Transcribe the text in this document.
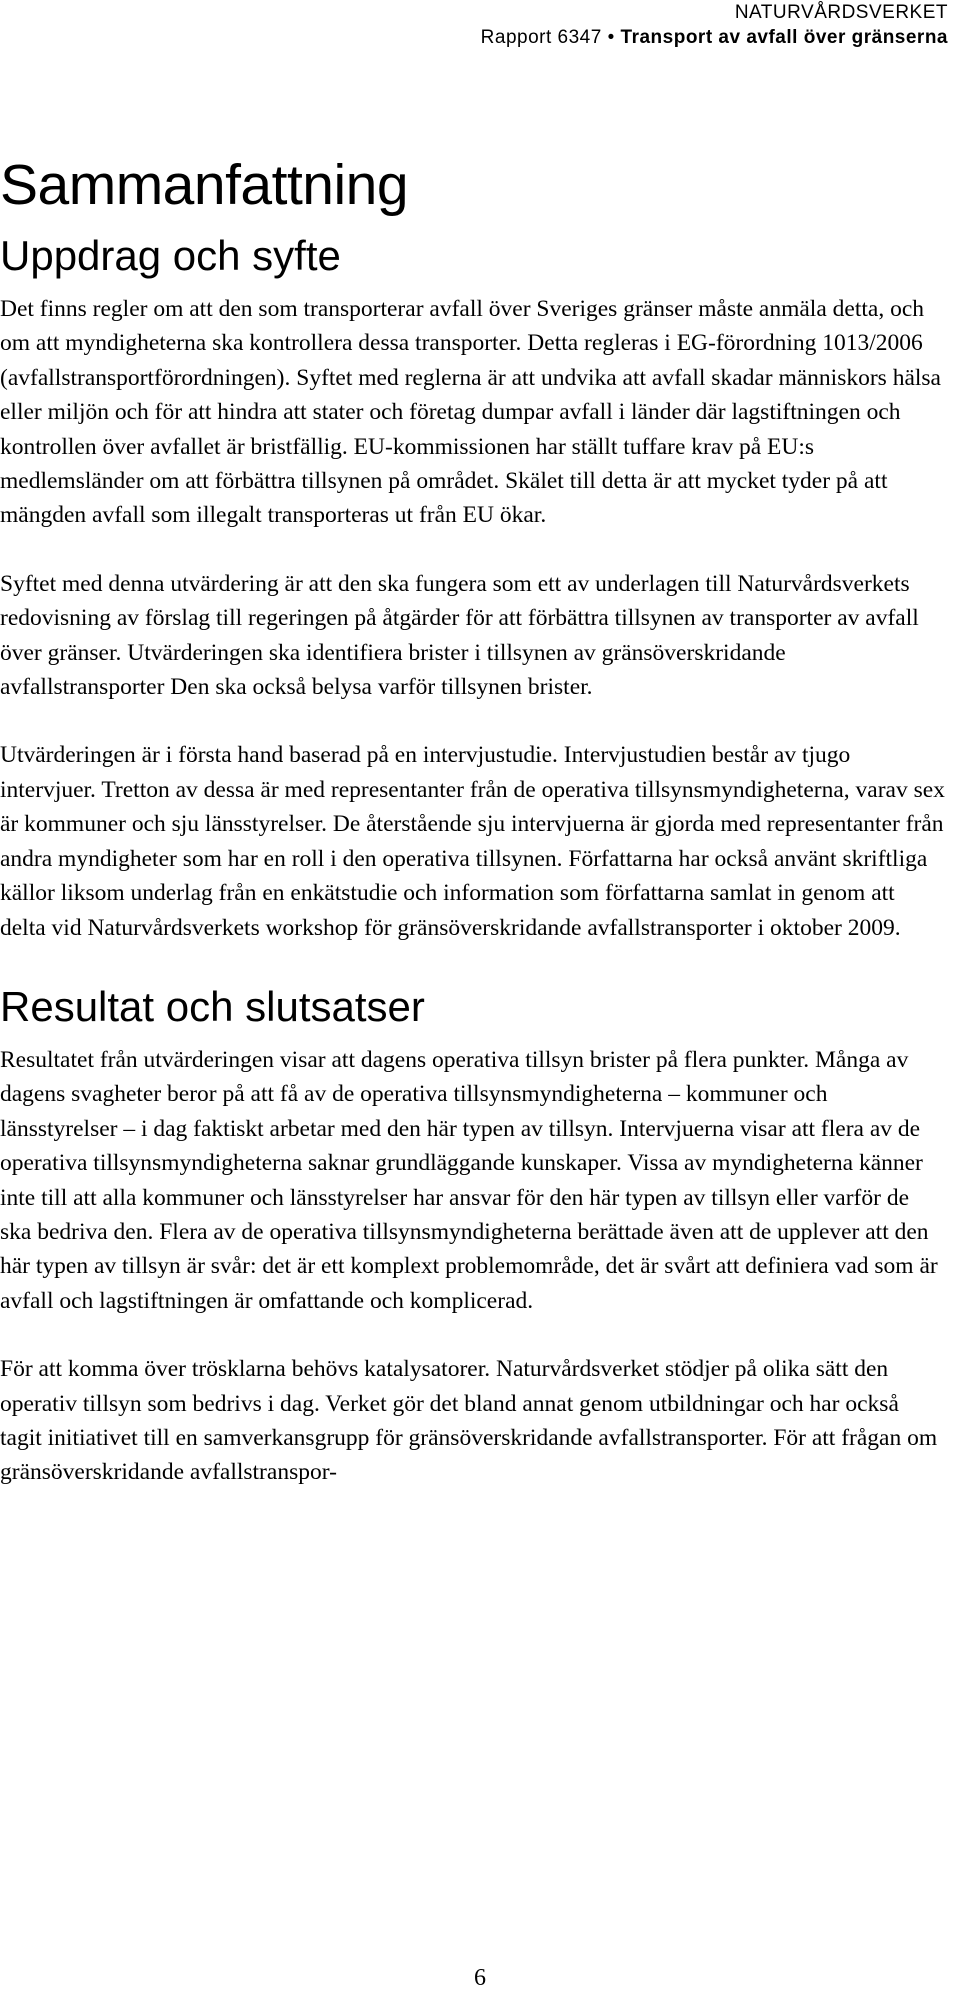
NATURVÅRDSVERKET
Rapport 6347 • Transport av avfall över gränserna
Sammanfattning
Uppdrag och syfte

Det finns regler om att den som transporterar avfall över Sveriges gränser måste anmäla detta, och om att myndigheterna ska kontrollera dessa transporter. Detta regleras i EG-förordning 1013/2006 (avfallstransportförordningen). Syftet med reglerna är att undvika att avfall skadar människors hälsa eller miljön och för att hindra att stater och företag dumpar avfall i länder där lagstiftningen och kontrollen över avfallet är bristfällig. EU-kommissionen har ställt tuffare krav på EU:s medlemsländer om att förbättra tillsynen på området. Skälet till detta är att mycket tyder på att mängden avfall som illegalt transporteras ut från EU ökar.

Syftet med denna utvärdering är att den ska fungera som ett av underlagen till Naturvårdsverkets redovisning av förslag till regeringen på åtgärder för att förbättra tillsynen av transporter av avfall över gränser. Utvärderingen ska identifiera brister i tillsynen av gränsöverskridande avfallstransporter Den ska också belysa varför tillsynen brister.

Utvärderingen är i första hand baserad på en intervjustudie. Intervjustudien består av tjugo intervjuer. Tretton av dessa är med representanter från de operativa tillsynsmyndigheterna, varav sex är kommuner och sju länsstyrelser. De återstående sju intervjuerna är gjorda med representanter från andra myndigheter som har en roll i den operativa tillsynen. Författarna har också använt skriftliga källor liksom underlag från en enkätstudie och information som författarna samlat in genom att delta vid Naturvårdsverkets workshop för gränsöverskridande avfallstransporter i oktober 2009.

Resultat och slutsatser

Resultatet från utvärderingen visar att dagens operativa tillsyn brister på flera punkter. Många av dagens svagheter beror på att få av de operativa tillsynsmyndigheterna – kommuner och länsstyrelser – i dag faktiskt arbetar med den här typen av tillsyn. Intervjuerna visar att flera av de operativa tillsynsmyndigheterna saknar grundläggande kunskaper. Vissa av myndigheterna känner inte till att alla kommuner och länsstyrelser har ansvar för den här typen av tillsyn eller varför de ska bedriva den. Flera av de operativa tillsynsmyndigheterna berättade även att de upplever att den här typen av tillsyn är svår: det är ett komplext problemområde, det är svårt att definiera vad som är avfall och lagstiftningen är omfattande och komplicerad.

För att komma över trösklarna behövs katalysatorer. Naturvårdsverket stödjer på olika sätt den operativ tillsyn som bedrivs i dag. Verket gör det bland annat genom utbildningar och har också tagit initiativet till en samverkansgrupp för gränsöverskridande avfallstransporter. För att frågan om gränsöverskridande avfallstranspor-

6
